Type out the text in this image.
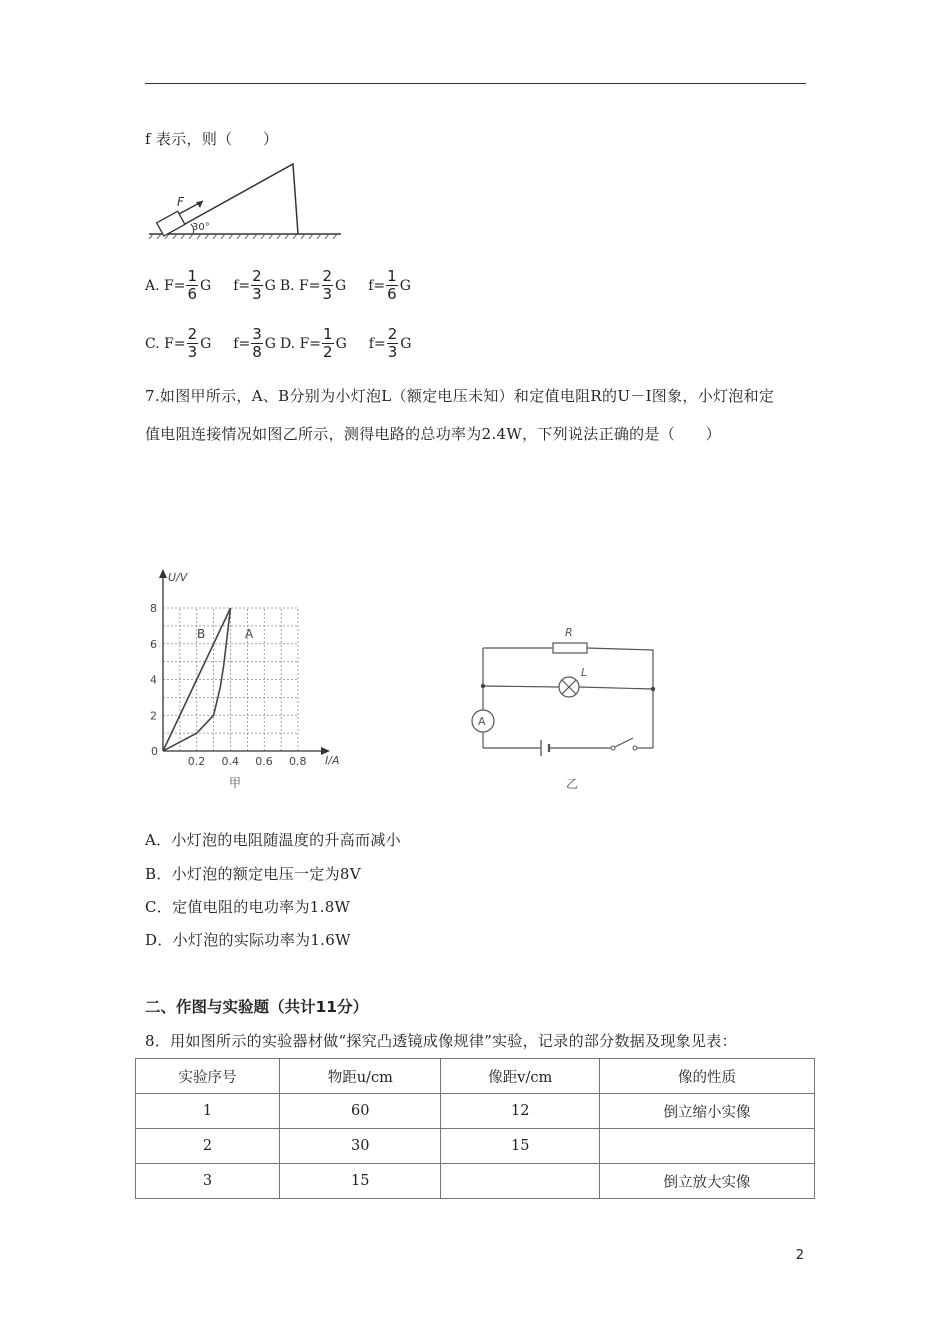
f 表示，则（　　）
F
30°
A. $F= \frac{1}{6}$ G $f= \frac{2}{3}$ G B. $F= \frac{2}{3}$ G $f= \frac{1}{6}$ G
C. $F= \frac{2}{3}$ G $f= \frac{3}{8}$ G D. $F= \frac{1}{2}$ G $f= \frac{2}{3}$ G
7.如图甲所示，A、B分别为小灯泡L（额定电压未知）和定值电阻R的U－I图象，小灯泡和定
值电阻连接情况如图乙所示，测得电路的总功率为2.4W，下列说法正确的是（　　）
U/V
I/A
0
0.2 0.4 0.6 0.8
2
4
6
8
B	A
甲
R
L
A
乙
A．小灯泡的电阻随温度的升高而减小
B．小灯泡的额定电压一定为8V
C．定值电阻的电功率为1.8W
D．小灯泡的实际功率为1.6W
二、作图与实验题（共计11分）
8．用如图所示的实验器材做“探究凸透镜成像规律”实验，记录的部分数据及现象见表：
实验序号	物距u/cm	像距v/cm	像的性质
1	60	12	倒立缩小实像
2	30	15	
3	15		倒立放大实像
2
